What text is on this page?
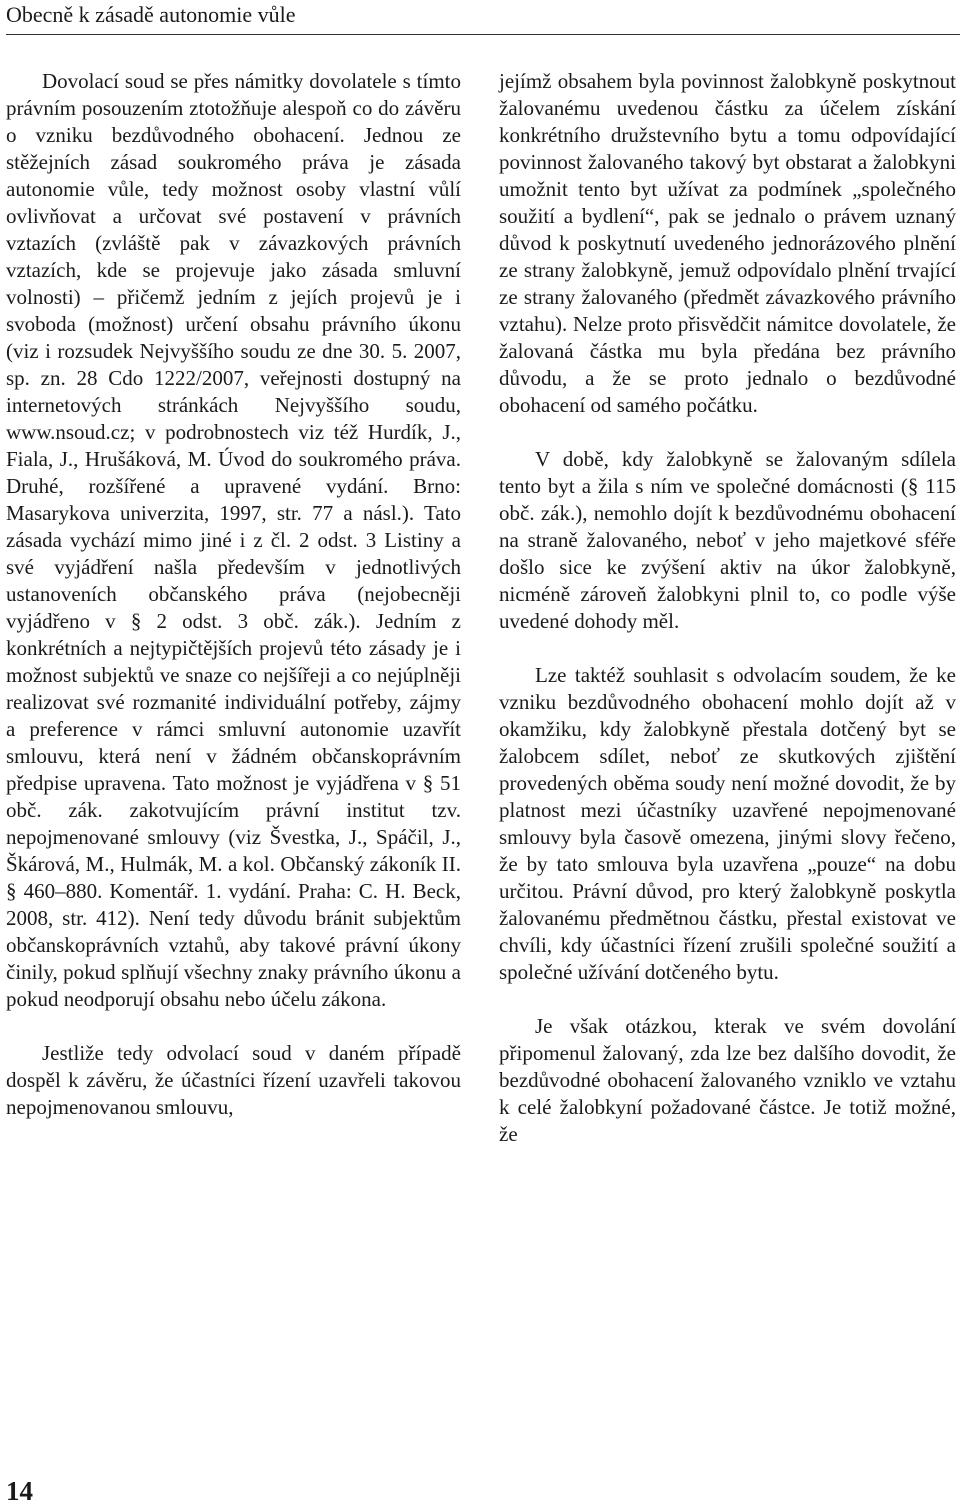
Obecně k zásadě autonomie vůle

Dovolací soud se přes námitky dovolatele s tímto právním posouzením ztotožňuje alespoň co do závěru o vzniku bezdůvodného obohacení. Jednou ze stěžejních zásad soukromého práva je zásada autonomie vůle, tedy možnost osoby vlastní vůlí ovlivňovat a určovat své postavení v právních vztazích (zvláště pak v závazkových právních vztazích, kde se projevuje jako zásada smluvní volnosti) – přičemž jedním z jejích projevů je i svoboda (možnost) určení obsahu právního úkonu (viz i rozsudek Nejvyššího soudu ze dne 30. 5. 2007, sp. zn. 28 Cdo 1222/2007, veřejnosti dostupný na internetových stránkách Nejvyššího soudu, www.nsoud.cz; v podrobnostech viz též Hurdík, J., Fiala, J., Hrušáková, M. Úvod do soukromého práva. Druhé, rozšířené a upravené vydání. Brno: Masarykova univerzita, 1997, str. 77 a násl.). Tato zásada vychází mimo jiné i z čl. 2 odst. 3 Listiny a své vyjádření našla především v jednotlivých ustanoveních občanského práva (nejobecněji vyjádřeno v § 2 odst. 3 obč. zák.). Jedním z konkrétních a nejtypičtějších projevů této zásady je i možnost subjektů ve snaze co nejšířeji a co nejúplněji realizovat své rozmanité individuální potřeby, zájmy a preference v rámci smluvní autonomie uzavřít smlouvu, která není v žádném občanskoprávním předpise upravena. Tato možnost je vyjádřena v § 51 obč. zák. zakotvujícím právní institut tzv. nepojmenované smlouvy (viz Švestka, J., Spáčil, J., Škárová, M., Hulmák, M. a kol. Občanský zákoník II. § 460–880. Komentář. 1. vydání. Praha: C. H. Beck, 2008, str. 412). Není tedy důvodu bránit subjektům občanskoprávních vztahů, aby takové právní úkony činily, pokud splňují všechny znaky právního úkonu a pokud neodporují obsahu nebo účelu zákona.

Jestliže tedy odvolací soud v daném případě dospěl k závěru, že účastníci řízení uzavřeli takovou nepojmenovanou smlouvu,

jejímž obsahem byla povinnost žalobkyně poskytnout žalovanému uvedenou částku za účelem získání konkrétního družstevního bytu a tomu odpovídající povinnost žalovaného takový byt obstarat a žalobkyni umožnit tento byt užívat za podmínek „společného soužití a bydlení“, pak se jednalo o právem uznaný důvod k poskytnutí uvedeného jednorázového plnění ze strany žalobkyně, jemuž odpovídalo plnění trvající ze strany žalovaného (předmět závazkového právního vztahu). Nelze proto přisvědčit námitce dovolatele, že žalovaná částka mu byla předána bez právního důvodu, a že se proto jednalo o bezdůvodné obohacení od samého počátku.

V době, kdy žalobkyně se žalovaným sdílela tento byt a žila s ním ve společné domácnosti (§ 115 obč. zák.), nemohlo dojít k bezdůvodnému obohacení na straně žalovaného, neboť v jeho majetkové sféře došlo sice ke zvýšení aktiv na úkor žalobkyně, nicméně zároveň žalobkyni plnil to, co podle výše uvedené dohody měl.

Lze taktéž souhlasit s odvolacím soudem, že ke vzniku bezdůvodného obohacení mohlo dojít až v okamžiku, kdy žalobkyně přestala dotčený byt se žalobcem sdílet, neboť ze skutkových zjištění provedených oběma soudy není možné dovodit, že by platnost mezi účastníky uzavřené nepojmenované smlouvy byla časově omezena, jinými slovy řečeno, že by tato smlouva byla uzavřena „pouze“ na dobu určitou. Právní důvod, pro který žalobkyně poskytla žalovanému předmětnou částku, přestal existovat ve chvíli, kdy účastníci řízení zrušili společné soužití a společné užívání dotčeného bytu.

Je však otázkou, kterak ve svém dovolání připomenul žalovaný, zda lze bez dalšího dovodit, že bezdůvodné obohacení žalovaného vzniklo ve vztahu k celé žalobkyní požadované částce. Je totiž možné, že

14
